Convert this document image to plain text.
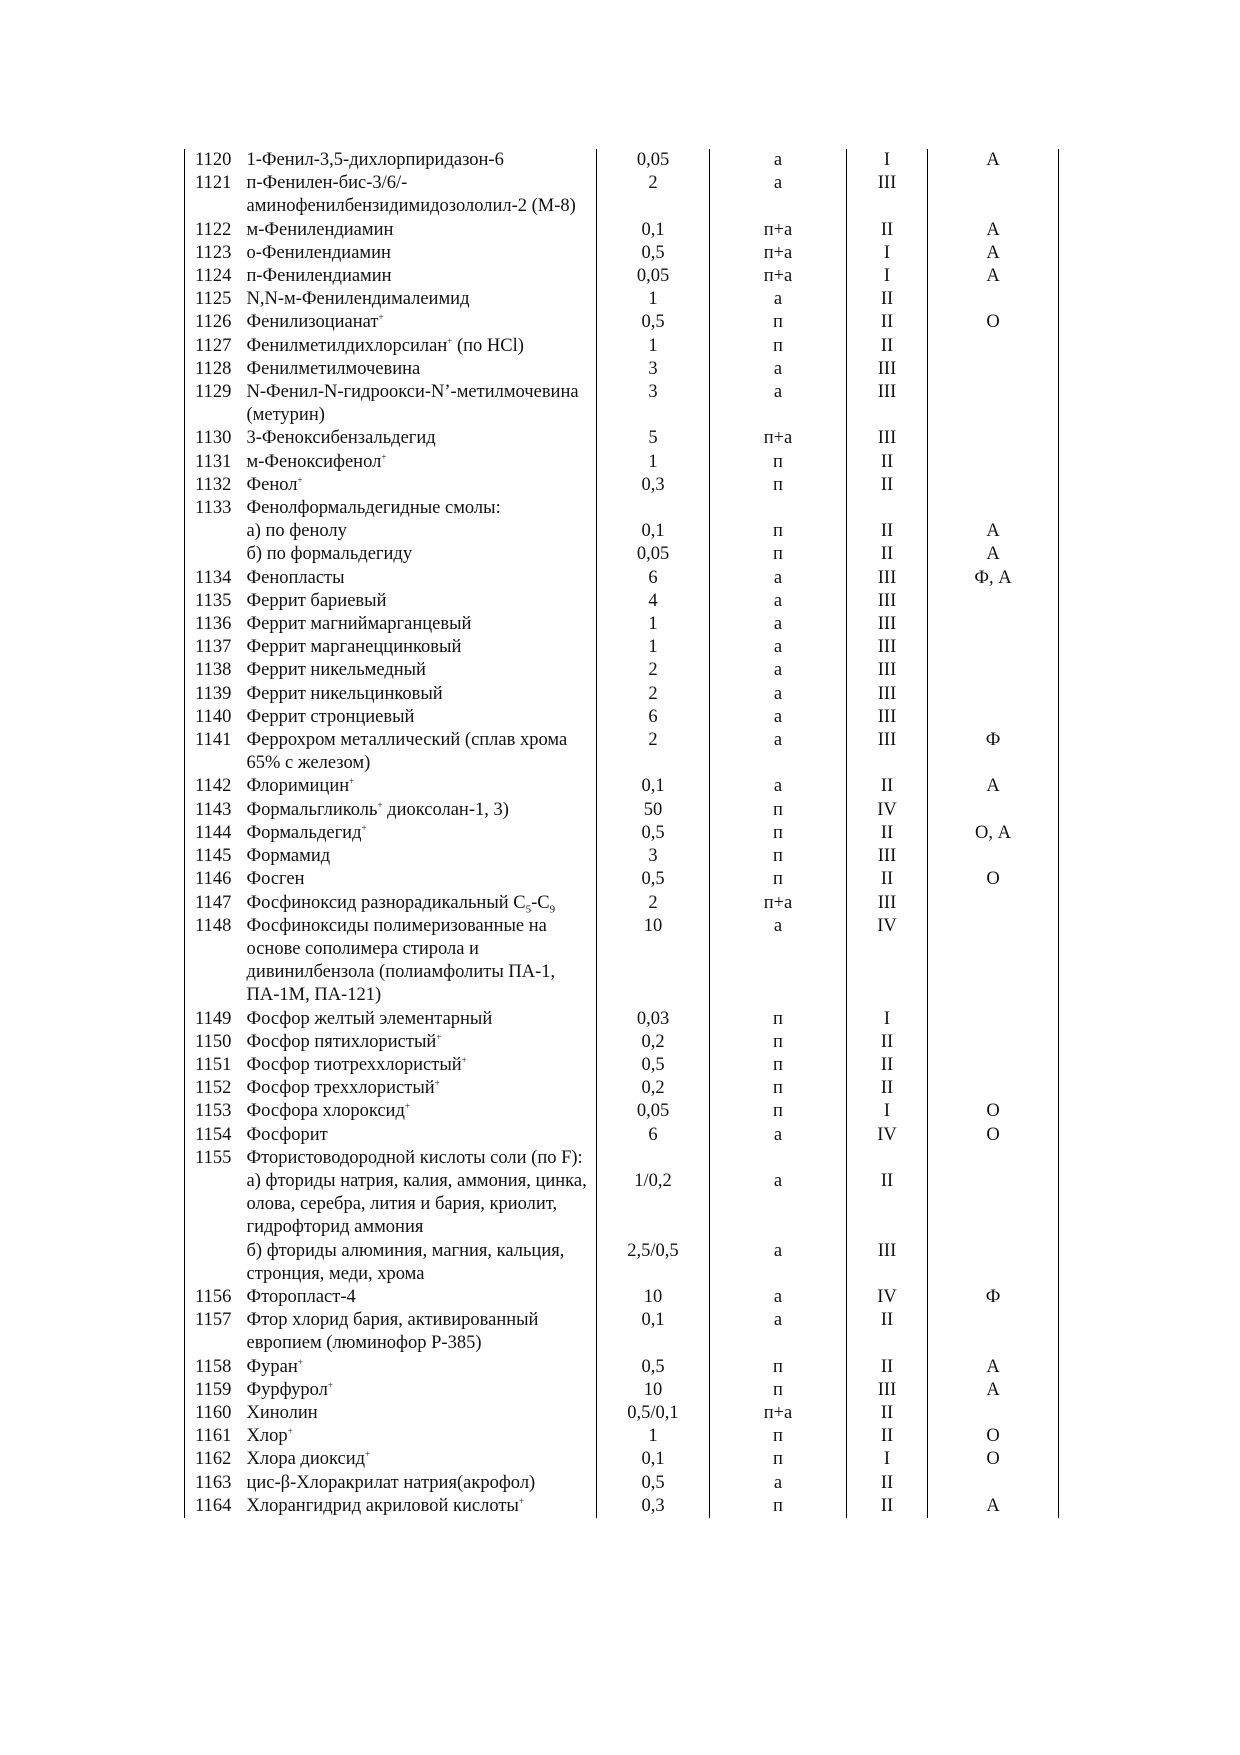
1120	1-Фенил-3,5-дихлорпиридазон-6	0,05	а	I	А
1121	п-Фенилен-бис-3/6/-аминофенилбензидимидозололил-2 (М-8)	2	а	III	
1122	м-Фенилендиамин	0,1	п+а	II	А
1123	о-Фенилендиамин	0,5	п+а	I	А
1124	п-Фенилендиамин	0,05	п+а	I	А
1125	N,N-м-Фенилендималеимид	1	а	II	
1126	Фенилизоцианат+	0,5	п	II	О
1127	Фенилметилдихлорсилан+ (по HCl)	1	п	II	
1128	Фенилметилмочевина	3	а	III	
1129	N-Фенил-N-гидроокси-N’-метилмочевина (метурин)	3	а	III	
1130	3-Феноксибензальдегид	5	п+а	III	
1131	м-Феноксифенол+	1	п	II	
1132	Фенол+	0,3	п	II	
1133	Фенолформальдегидные смолы:				
	а) по фенолу	0,1	п	II	А
	б) по формальдегиду	0,05	п	II	А
1134	Фенопласты	6	а	III	Ф, А
1135	Феррит бариевый	4	а	III	
1136	Феррит магниймарганцевый	1	а	III	
1137	Феррит марганеццинковый	1	а	III	
1138	Феррит никельмедный	2	а	III	
1139	Феррит никельцинковый	2	а	III	
1140	Феррит стронциевый	6	а	III	
1141	Феррохром металлический (сплав хрома 65% с железом)	2	а	III	Ф
1142	Флоримицин+	0,1	а	II	А
1143	Формальгликоль+ диоксолан-1, 3)	50	п	IV	
1144	Формальдегид+	0,5	п	II	О, А
1145	Формамид	3	п	III	
1146	Фосген	0,5	п	II	О
1147	Фосфиноксид разнорадикальный $С_5-С_9$	2	п+а	III	
1148	Фосфиноксиды полимеризованные на основе сополимера стирола и дивинилбензола (полиамфолиты ПА-1, ПА-1М, ПА-121)	10	а	IV	
1149	Фосфор желтый элементарный	0,03	п	I	
1150	Фосфор пятихлористый+	0,2	п	II	
1151	Фосфор тиотреххлористый+	0,5	п	II	
1152	Фосфор треххлористый+	0,2	п	II	
1153	Фосфора хлороксид+	0,05	п	I	О
1154	Фосфорит	6	а	IV	О
1155	Фтористоводородной кислоты соли (по F):				
	а) фториды натрия, калия, аммония, цинка, олова, серебра, лития и бария, криолит, гидрофторид аммония	1/0,2	а	II	
	б) фториды алюминия, магния, кальция, стронция, меди, хрома	2,5/0,5	а	III	
1156	Фторопласт-4	10	а	IV	Ф
1157	Фтор хлорид бария, активированный европием (люминофор Р-385)	0,1	а	II	
1158	Фуран+	0,5	п	II	А
1159	Фурфурол+	10	п	III	А
1160	Хинолин	0,5/0,1	п+а	II	
1161	Хлор+	1	п	II	О
1162	Хлора диоксид+	0,1	п	I	О
1163	цис-β-Хлоракрилат натрия(акрофол)	0,5	а	II	
1164	Хлорангидрид акриловой кислоты+	0,3	п	II	А
